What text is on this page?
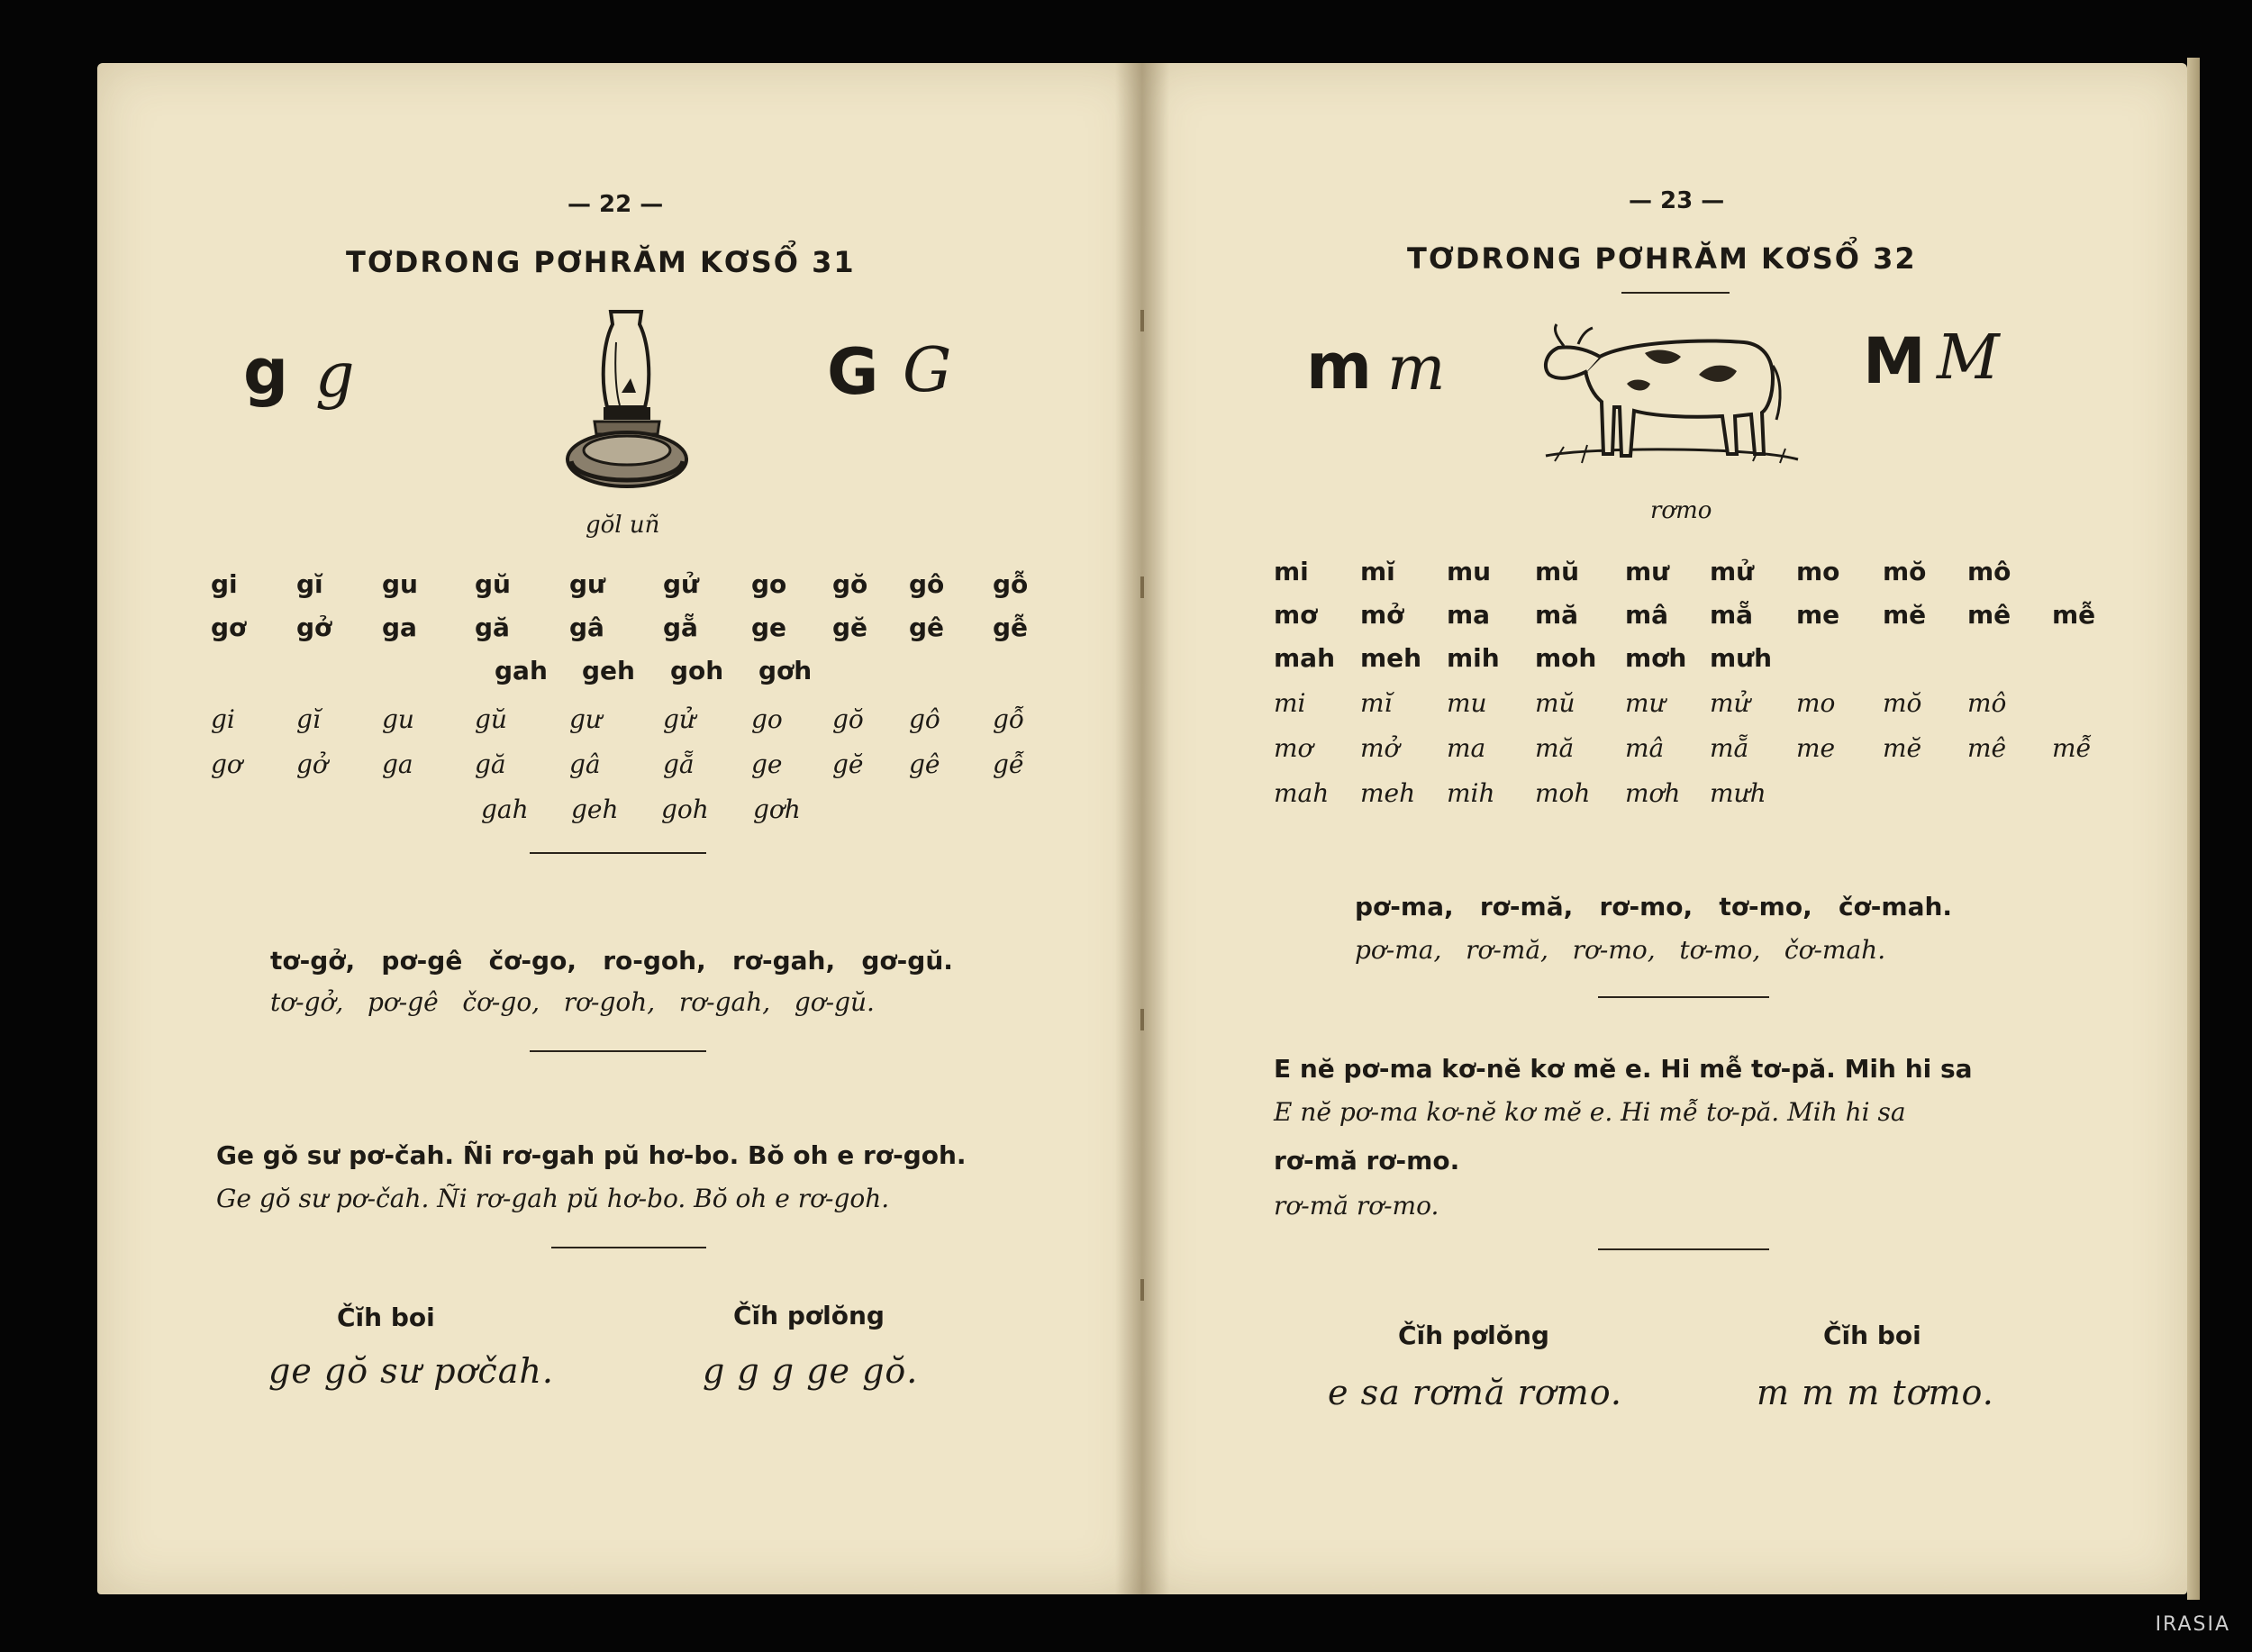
— 22 —
TƠDRONG PƠHRĂM KƠSỔ 31
g g	G G
gŏl uñ
gi gĭ gu gŭ gư gử go gŏ gô gỗ
gơ gở ga gă gâ gẵ ge gĕ gê gễ
gah geh goh gơh
gi gĭ gu gŭ gư gử go gŏ gô gỗ
gơ gở ga gă	gâ gẵ ge gĕ gê gễ
gah geh goh gơh
tơ-gở,   pơ-gê   čơ-go,   ro-goh,   rơ-gah,   gơ-gŭ.
tơ-gở,   pơ-gê   čơ-go,   rơ-goh,   rơ-gah,   gơ-gŭ.
Ge gŏ sư pơ-čah. Ñi rơ-gah pŭ hơ-bo. Bŏ oh e rơ-goh.
Ge gŏ sư pơ-čah. Ñi rơ-gah pŭ hơ-bo. Bŏ oh e rơ-goh.
Čĭh boi	Čĭh pơlŏng
ge gŏ sư pơčah.	g g g ge gŏ.
— 23 —
TƠDRONG PƠHRĂM KƠSỔ 32
m m	M M
rơmo
mi mĭ mu mŭ mư mử mo mŏ mô
mơ mở ma mă mâ mẵ me mĕ mê mễ
mah meh mih moh mơh mưh
mi mĭ mu mŭ mư mử mo mŏ mô
mơ mở ma mă mâ mẵ me mĕ mê mễ
mah meh mih moh mơh mưh
pơ-ma,   rơ-mă,   rơ-mo,   tơ-mo,   čơ-mah.
pơ-ma,   rơ-mă,   rơ-mo,   tơ-mo,   čơ-mah.
E nĕ pơ-ma kơ-nĕ kơ mĕ e. Hi mễ tơ-pă. Mih hi sa
E nĕ pơ-ma kơ-nĕ kơ mĕ e. Hi mễ tơ-pă. Mih hi sa
rơ-mă rơ-mo.
rơ-mă rơ-mo.
Čĭh pơlŏng	Čĭh boi
e sa rơmă rơmo.	m m m tơmo.
IRASIA
